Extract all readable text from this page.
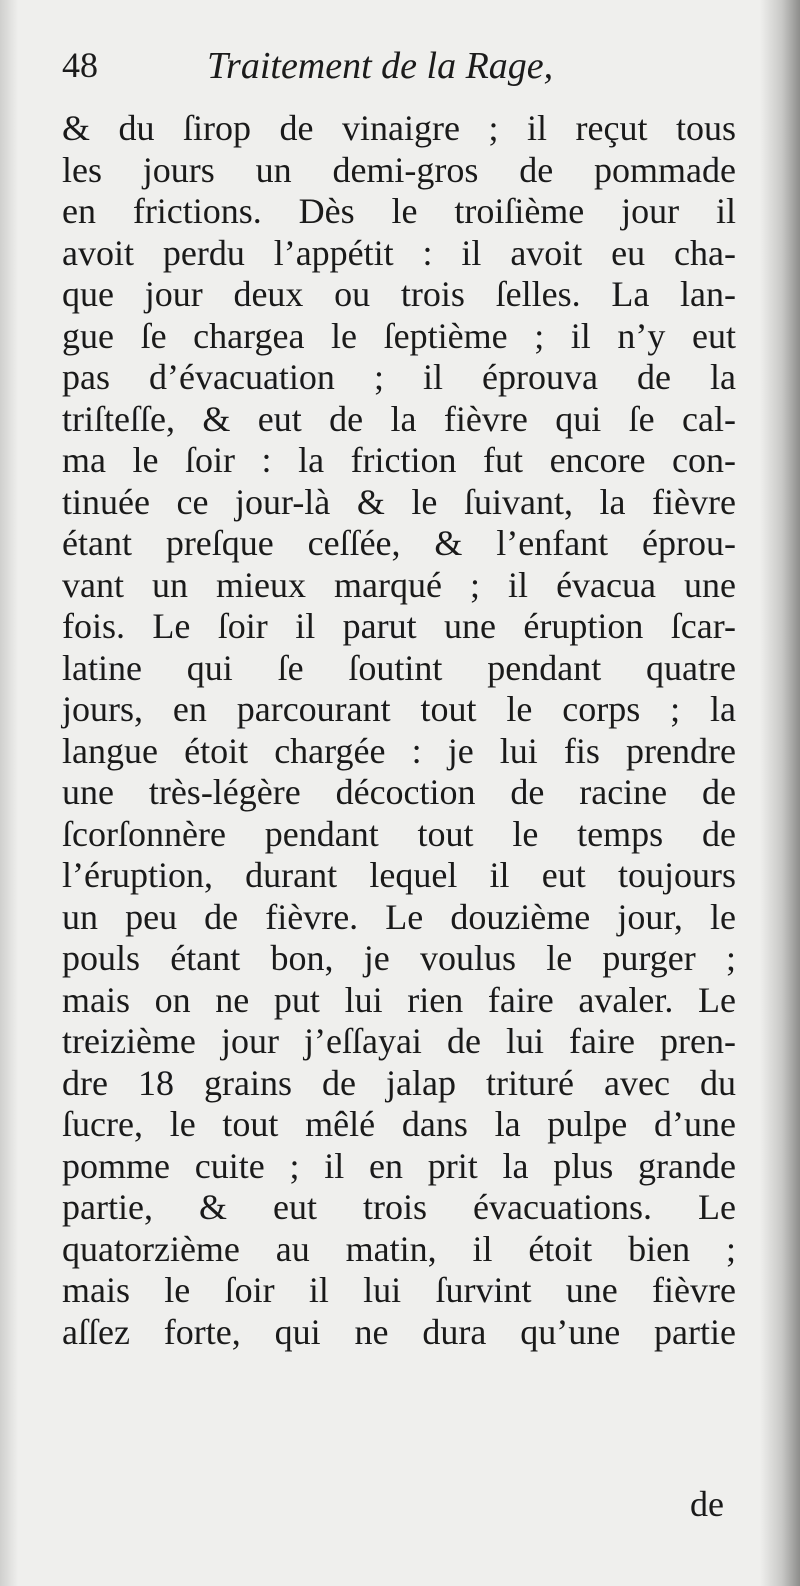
48	Traitement de la Rage,
& du ſirop de vinaigre ; il reçut tous
les jours un demi-gros de pommade
en frictions. Dès le troiſième jour il
avoit perdu l’appétit : il avoit eu cha-
que jour deux ou trois ſelles. La lan-
gue ſe chargea le ſeptième ; il n’y eut
pas d’évacuation ; il éprouva de la
triſteſſe, & eut de la fièvre qui ſe cal-
ma le ſoir : la friction fut encore con-
tinuée ce jour-là & le ſuivant, la fièvre
étant preſque ceſſée, & l’enfant éprou-
vant un mieux marqué ; il évacua une
fois. Le ſoir il parut une éruption ſcar-
latine qui ſe ſoutint pendant quatre
jours, en parcourant tout le corps ; la
langue étoit chargée : je lui fis prendre
une très-légère décoction de racine de
ſcorſonnère pendant tout le temps de
l’éruption, durant lequel il eut toujours
un peu de fièvre. Le douzième jour, le
pouls étant bon, je voulus le purger ;
mais on ne put lui rien faire avaler. Le
treizième jour j’eſſayai de lui faire pren-
dre 18 grains de jalap trituré avec du
ſucre, le tout mêlé dans la pulpe d’une
pomme cuite ; il en prit la plus grande
partie, & eut trois évacuations. Le
quatorzième au matin, il étoit bien ;
mais le ſoir il lui ſurvint une fièvre
aſſez forte, qui ne dura qu’une partie
de
